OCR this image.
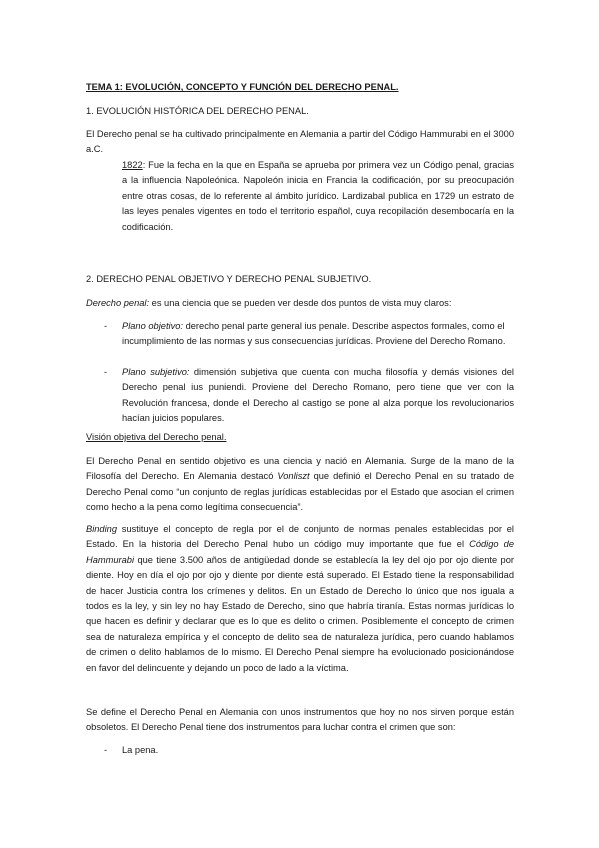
TEMA 1: EVOLUCIÓN, CONCEPTO Y FUNCIÓN DEL DERECHO PENAL.

1. EVOLUCIÓN HISTÓRICA DEL DERECHO PENAL.

El Derecho penal se ha cultivado principalmente en Alemania a partir del Código Hammurabi en el 3000 a.C.

1822: Fue la fecha en la que en España se aprueba por primera vez un Código penal, gracias a la influencia Napoleónica. Napoleón inicia en Francia la codificación, por su preocupación entre otras cosas, de lo referente al ámbito jurídico. Lardizabal publica en 1729 un estrato de las leyes penales vigentes en todo el territorio español, cuya recopilación desembocaría en la codificación.

2. DERECHO PENAL OBJETIVO Y DERECHO PENAL SUBJETIVO.

Derecho penal: es una ciencia que se pueden ver desde dos puntos de vista muy claros:

- Plano objetivo: derecho penal parte general ius penale. Describe aspectos formales, como el incumplimiento de las normas y sus consecuencias jurídicas. Proviene del Derecho Romano.

- Plano subjetivo: dimensión subjetiva que cuenta con mucha filosofía y demás visiones del Derecho penal ius puniendi. Proviene del Derecho Romano, pero tiene que ver con la Revolución francesa, donde el Derecho al castigo se pone al alza porque los revolucionarios hacían juicios populares.

Visión objetiva del Derecho penal.

El Derecho Penal en sentido objetivo es una ciencia y nació en Alemania. Surge de la mano de la Filosofía del Derecho. En Alemania destacó Vonliszt que definió el Derecho Penal en su tratado de Derecho Penal como “un conjunto de reglas jurídicas establecidas por el Estado que asocian el crimen como hecho a la pena como legítima consecuencia”.

Binding sustituye el concepto de regla por el de conjunto de normas penales establecidas por el Estado. En la historia del Derecho Penal hubo un código muy importante que fue el Código de Hammurabi que tiene 3.500 años de antigüedad donde se establecía la ley del ojo por ojo diente por diente. Hoy en día el ojo por ojo y diente por diente está superado. El Estado tiene la responsabilidad de hacer Justicia contra los crímenes y delitos. En un Estado de Derecho lo único que nos iguala a todos es la ley, y sin ley no hay Estado de Derecho, sino que habría tiranía. Estas normas jurídicas lo que hacen es definir y declarar que es lo que es delito o crimen. Posiblemente el concepto de crimen sea de naturaleza empírica y el concepto de delito sea de naturaleza jurídica, pero cuando hablamos de crimen o delito hablamos de lo mismo. El Derecho Penal siempre ha evolucionado posicionándose en favor del delincuente y dejando un poco de lado a la víctima.

Se define el Derecho Penal en Alemania con unos instrumentos que hoy no nos sirven porque están obsoletos. El Derecho Penal tiene dos instrumentos para luchar contra el crimen que son:

- La pena.
